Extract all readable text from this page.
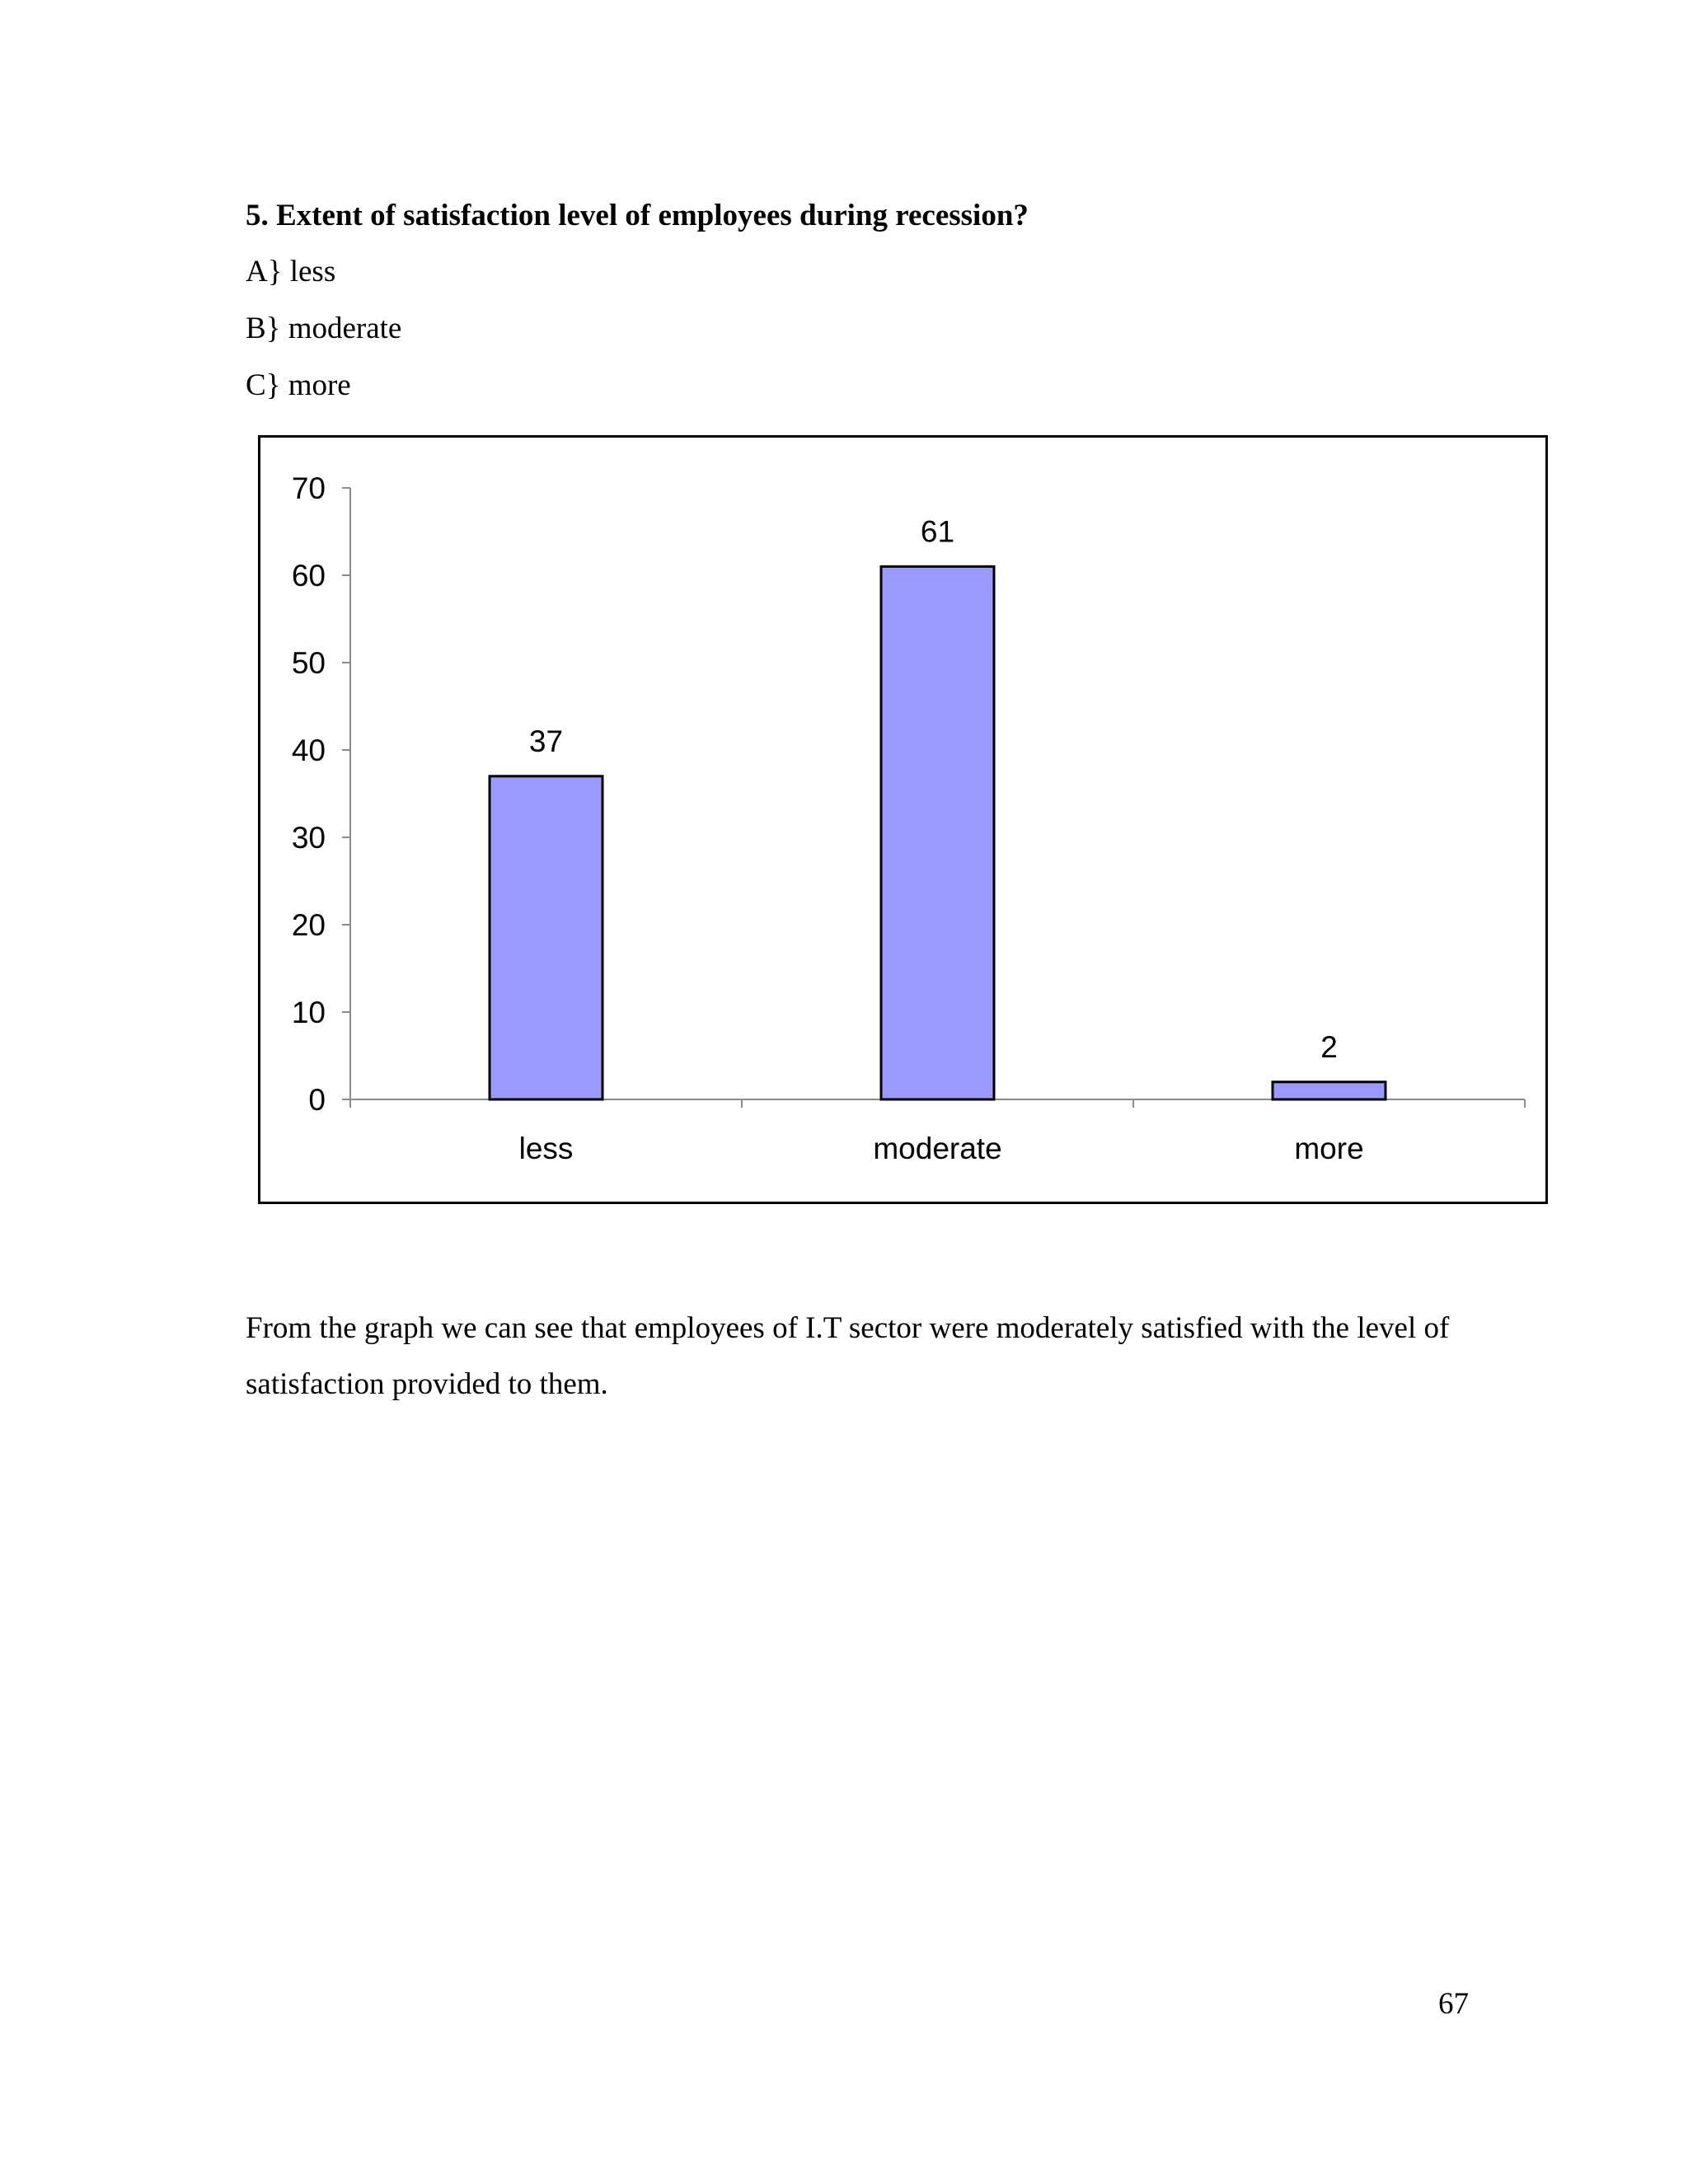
5. Extent of satisfaction level of employees during recession?
A} less
B} moderate
C} more
0
10
20
30
40
50
60
70
37
less
61
moderate
2
more
From the graph we can see that employees of I.T sector were moderately satisfied with the level of satisfaction provided to them.
67
